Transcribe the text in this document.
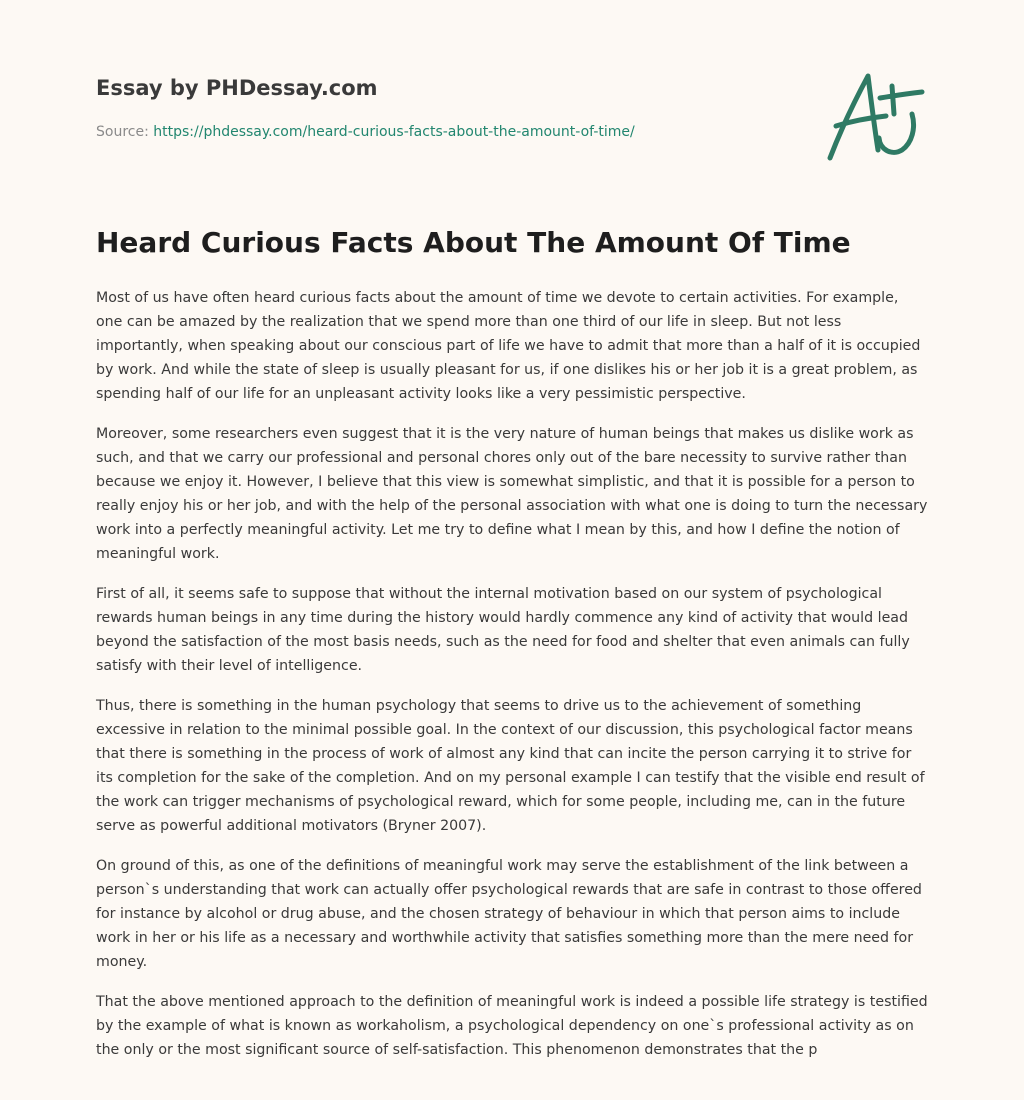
Essay by PHDessay.com
Source: https://phdessay.com/heard-curious-facts-about-the-amount-of-time/
Heard Curious Facts About The Amount Of Time

Most of us have often heard curious facts about the amount of time we devote to certain activities. For example, one can be amazed by the realization that we spend more than one third of our life in sleep. But not less importantly, when speaking about our conscious part of life we have to admit that more than a half of it is occupied by work. And while the state of sleep is usually pleasant for us, if one dislikes his or her job it is a great problem, as spending half of our life for an unpleasant activity looks like a very pessimistic perspective.

Moreover, some researchers even suggest that it is the very nature of human beings that makes us dislike work as such, and that we carry our professional and personal chores only out of the bare necessity to survive rather than because we enjoy it. However, I believe that this view is somewhat simplistic, and that it is possible for a person to really enjoy his or her job, and with the help of the personal association with what one is doing to turn the necessary work into a perfectly meaningful activity. Let me try to define what I mean by this, and how I define the notion of meaningful work.

First of all, it seems safe to suppose that without the internal motivation based on our system of psychological rewards human beings in any time during the history would hardly commence any kind of activity that would lead beyond the satisfaction of the most basis needs, such as the need for food and shelter that even animals can fully satisfy with their level of intelligence.

Thus, there is something in the human psychology that seems to drive us to the achievement of something excessive in relation to the minimal possible goal. In the context of our discussion, this psychological factor means that there is something in the process of work of almost any kind that can incite the person carrying it to strive for its completion for the sake of the completion. And on my personal example I can testify that the visible end result of the work can trigger mechanisms of psychological reward, which for some people, including me, can in the future serve as powerful additional motivators (Bryner 2007).

On ground of this, as one of the definitions of meaningful work may serve the establishment of the link between a person`s understanding that work can actually offer psychological rewards that are safe in contrast to those offered for instance by alcohol or drug abuse, and the chosen strategy of behaviour in which that person aims to include work in her or his life as a necessary and worthwhile activity that satisfies something more than the mere need for money.

That the above mentioned approach to the definition of meaningful work is indeed a possible life strategy is testified by the example of what is known as workaholism, a psychological dependency on one`s professional activity as on the only or the most significant source of self-satisfaction. This phenomenon demonstrates that the p
